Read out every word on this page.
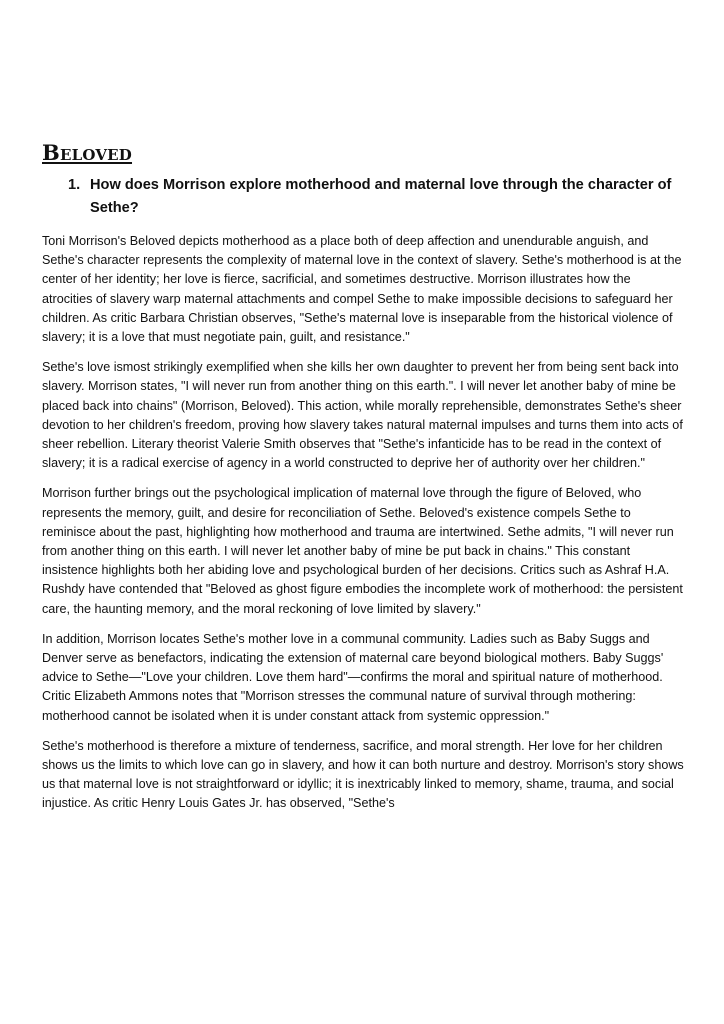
Beloved
1. How does Morrison explore motherhood and maternal love through the character of Sethe?

Toni Morrison's Beloved depicts motherhood as a place both of deep affection and unendurable anguish, and Sethe's character represents the complexity of maternal love in the context of slavery. Sethe's motherhood is at the center of her identity; her love is fierce, sacrificial, and sometimes destructive. Morrison illustrates how the atrocities of slavery warp maternal attachments and compel Sethe to make impossible decisions to safeguard her children. As critic Barbara Christian observes, "Sethe's maternal love is inseparable from the historical violence of slavery; it is a love that must negotiate pain, guilt, and resistance."

Sethe's love ismost strikingly exemplified when she kills her own daughter to prevent her from being sent back into slavery. Morrison states, "I will never run from another thing on this earth.". I will never let another baby of mine be placed back into chains" (Morrison, Beloved). This action, while morally reprehensible, demonstrates Sethe's sheer devotion to her children's freedom, proving how slavery takes natural maternal impulses and turns them into acts of sheer rebellion. Literary theorist Valerie Smith observes that "Sethe's infanticide has to be read in the context of slavery; it is a radical exercise of agency in a world constructed to deprive her of authority over her children."

Morrison further brings out the psychological implication of maternal love through the figure of Beloved, who represents the memory, guilt, and desire for reconciliation of Sethe. Beloved's existence compels Sethe to reminisce about the past, highlighting how motherhood and trauma are intertwined. Sethe admits, "I will never run from another thing on this earth. I will never let another baby of mine be put back in chains." This constant insistence highlights both her abiding love and psychological burden of her decisions. Critics such as Ashraf H.A. Rushdy have contended that "Beloved as ghost figure embodies the incomplete work of motherhood: the persistent care, the haunting memory, and the moral reckoning of love limited by slavery."

In addition, Morrison locates Sethe's mother love in a communal community. Ladies such as Baby Suggs and Denver serve as benefactors, indicating the extension of maternal care beyond biological mothers. Baby Suggs' advice to Sethe—"Love your children. Love them hard"—confirms the moral and spiritual nature of motherhood. Critic Elizabeth Ammons notes that "Morrison stresses the communal nature of survival through mothering: motherhood cannot be isolated when it is under constant attack from systemic oppression."

Sethe's motherhood is therefore a mixture of tenderness, sacrifice, and moral strength. Her love for her children shows us the limits to which love can go in slavery, and how it can both nurture and destroy. Morrison's story shows us that maternal love is not straightforward or idyllic; it is inextricably linked to memory, shame, trauma, and social injustice. As critic Henry Louis Gates Jr. has observed, "Sethe's
